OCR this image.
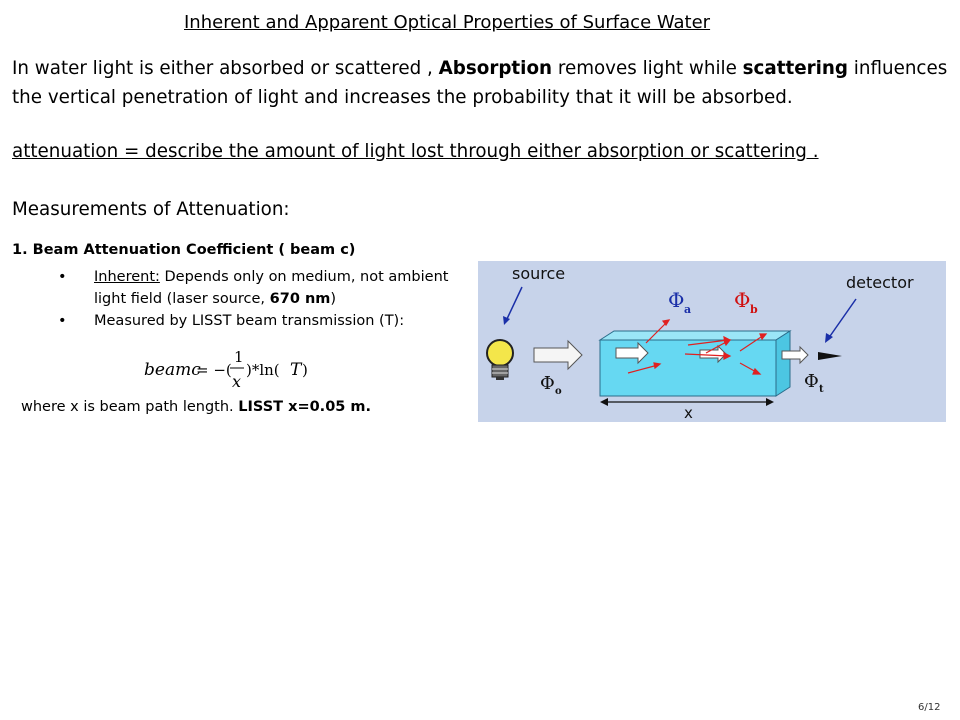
Inherent and Apparent Optical Properties of Surface Water
In water light is either absorbed or scattered , Absorption removes light while scattering influences the vertical penetration of light and increases the probability that it will be absorbed.
attenuation = describe the amount of light lost through either absorption or scattering .
Measurements of Attenuation:
1. Beam Attenuation Coefficient ( beam c)
• Inherent: Depends only on medium, not ambient light field (laser source, 670 nm)
• Measured by LISST beam transmission (T):
beamc
= −(
1
x
)*ln( T )
where x is beam path length. LISST x=0.05 m.
source	detector
Φ a Φ b
Φ o	Φ t
x
6/12
